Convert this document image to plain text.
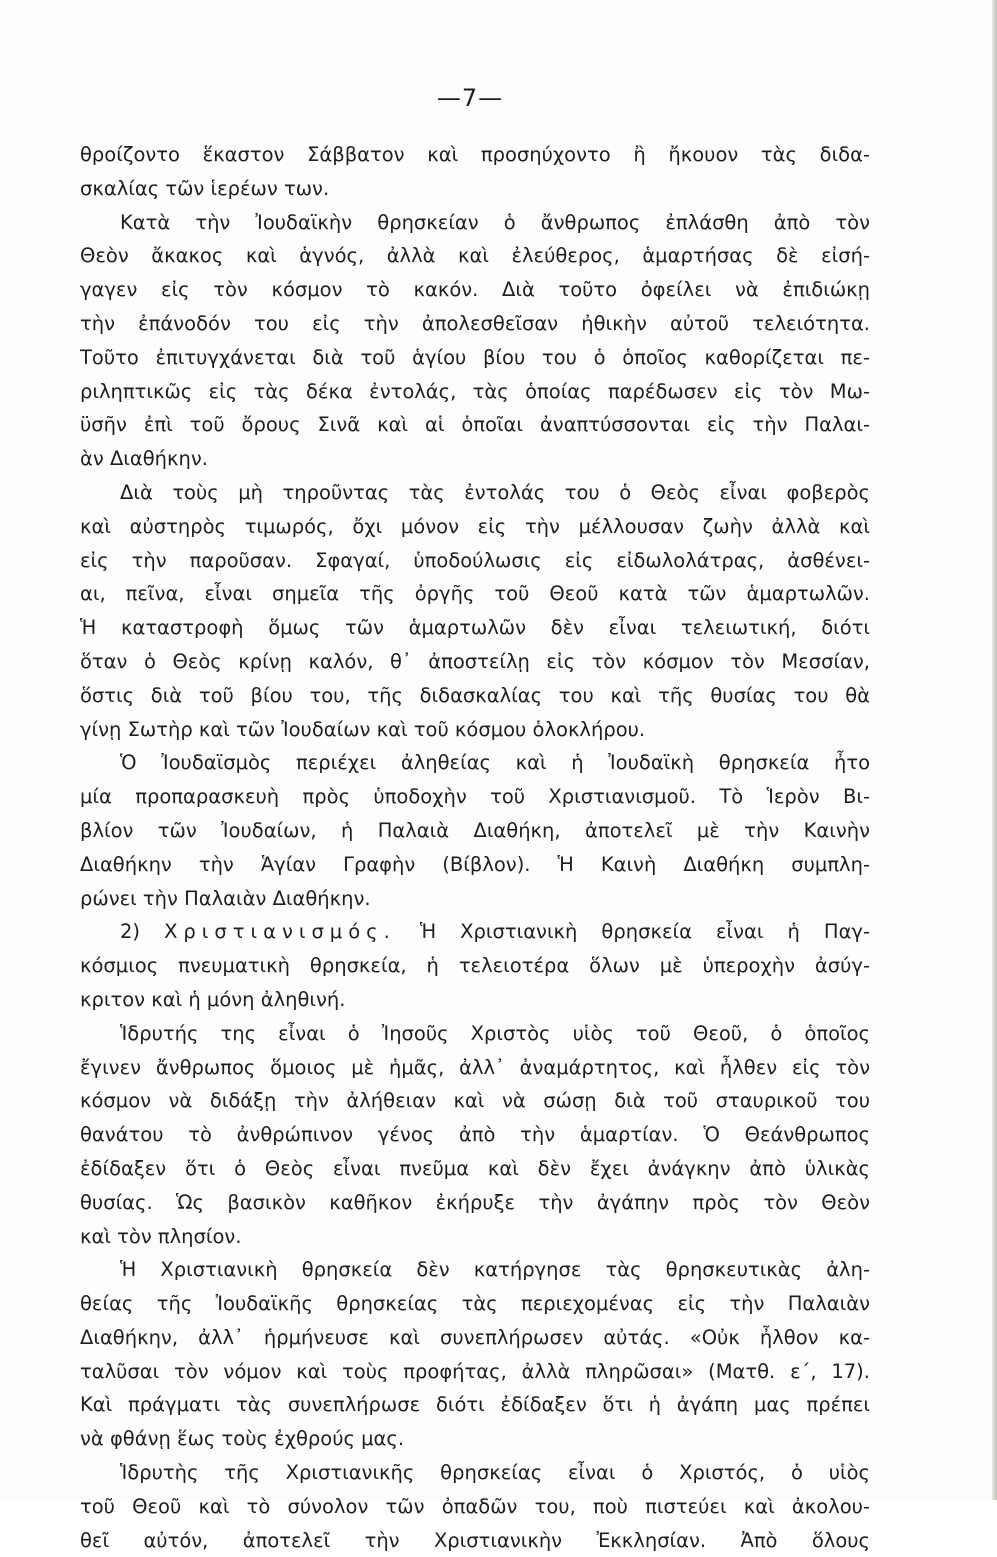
—7—
θροίζοντο ἕκαστον Σάββατον καὶ προσηύχοντο ἢ ἤκουον τὰς διδα-
σκαλίας τῶν ἱερέων των.
Κατὰ τὴν Ἰουδαϊκὴν θρησκείαν ὁ ἄνθρωπος ἐπλάσθη ἀπὸ τὸν
Θεὸν ἄκακος καὶ ἁγνός, ἀλλὰ καὶ ἐλεύθερος, ἁμαρτήσας δὲ εἰσή-
γαγεν εἰς τὸν κόσμον τὸ κακόν. Διὰ τοῦτο ὀφείλει νὰ ἐπιδιώκῃ
τὴν ἐπάνοδόν του εἰς τὴν ἀπολεσθεῖσαν ἠθικὴν αὐτοῦ τελειότητα.
Τοῦτο ἐπιτυγχάνεται διὰ τοῦ ἁγίου βίου του ὁ ὁποῖος καθορίζεται πε-
ριληπτικῶς εἰς τὰς δέκα ἐντολάς, τὰς ὁποίας παρέδωσεν εἰς τὸν Μω-
ϋσῆν ἐπὶ τοῦ ὄρους Σινᾶ καὶ αἱ ὁποῖαι ἀναπτύσσονται εἰς τὴν Παλαι-
ὰν Διαθήκην.
Διὰ τοὺς μὴ τηροῦντας τὰς ἐντολάς του ὁ Θεὸς εἶναι φοβερὸς
καὶ αὐστηρὸς τιμωρός, ὄχι μόνον εἰς τὴν μέλλουσαν ζωὴν ἀλλὰ καὶ
εἰς τὴν παροῦσαν. Σφαγαί, ὑποδούλωσις εἰς εἰδωλολάτρας, ἀσθένει-
αι, πεῖνα, εἶναι σημεῖα τῆς ὀργῆς τοῦ Θεοῦ κατὰ τῶν ἁμαρτωλῶν.
Ἡ καταστροφὴ ὅμως τῶν ἁμαρτωλῶν δὲν εἶναι τελειωτική, διότι
ὅταν ὁ Θεὸς κρίνῃ καλόν, θ᾽ ἀποστείλῃ εἰς τὸν κόσμον τὸν Μεσσίαν,
ὅστις διὰ τοῦ βίου του, τῆς διδασκαλίας του καὶ τῆς θυσίας του θὰ
γίνῃ Σωτὴρ καὶ τῶν Ἰουδαίων καὶ τοῦ κόσμου ὁλοκλήρου.
Ὁ Ἰουδαϊσμὸς περιέχει ἀληθείας καὶ ἡ Ἰουδαϊκὴ θρησκεία ἦτο
μία προπαρασκευὴ πρὸς ὑποδοχὴν τοῦ Χριστιανισμοῦ. Τὸ Ἱερὸν Βι-
βλίον τῶν Ἰουδαίων, ἡ Παλαιὰ Διαθήκη, ἀποτελεῖ μὲ τὴν Καινὴν
Διαθήκην τὴν Ἁγίαν Γραφὴν (Βίβλον). Ἡ Καινὴ Διαθήκη συμπλη-
ρώνει τὴν Παλαιὰν Διαθήκην.
2) Χριστιανισμός. Ἡ Χριστιανικὴ θρησκεία εἶναι ἡ Παγ-
κόσμιος πνευματικὴ θρησκεία, ἡ τελειοτέρα ὅλων μὲ ὑπεροχὴν ἀσύγ-
κριτον καὶ ἡ μόνη ἀληθινή.
Ἱδρυτής της εἶναι ὁ Ἰησοῦς Χριστὸς υἱὸς τοῦ Θεοῦ, ὁ ὁποῖος
ἔγινεν ἄνθρωπος ὅμοιος μὲ ἡμᾶς, ἀλλ᾽ ἀναμάρτητος, καὶ ἦλθεν εἰς τὸν
κόσμον νὰ διδάξῃ τὴν ἀλήθειαν καὶ νὰ σώσῃ διὰ τοῦ σταυρικοῦ του
θανάτου τὸ ἀνθρώπινον γένος ἀπὸ τὴν ἁμαρτίαν. Ὁ Θεάνθρωπος
ἐδίδαξεν ὅτι ὁ Θεὸς εἶναι πνεῦμα καὶ δὲν ἔχει ἀνάγκην ἀπὸ ὑλικὰς
θυσίας. Ὡς βασικὸν καθῆκον ἐκήρυξε τὴν ἀγάπην πρὸς τὸν Θεὸν
καὶ τὸν πλησίον.
Ἡ Χριστιανικὴ θρησκεία δὲν κατήργησε τὰς θρησκευτικὰς ἀλη-
θείας τῆς Ἰουδαϊκῆς θρησκείας τὰς περιεχομένας εἰς τὴν Παλαιὰν
Διαθήκην, ἀλλ᾽ ἡρμήνευσε καὶ συνεπλήρωσεν αὐτάς. «Οὐκ ἦλθον κα-
ταλῦσαι τὸν νόμον καὶ τοὺς προφήτας, ἀλλὰ πληρῶσαι» (Ματθ. ε΄, 17).
Καὶ πράγματι τὰς συνεπλήρωσε διότι ἐδίδαξεν ὅτι ἡ ἀγάπη μας πρέπει
νὰ φθάνῃ ἕως τοὺς ἐχθρούς μας.
Ἱδρυτὴς τῆς Χριστιανικῆς θρησκείας εἶναι ὁ Χριστός, ὁ υἱὸς
τοῦ Θεοῦ καὶ τὸ σύνολον τῶν ὀπαδῶν του, ποὺ πιστεύει καὶ ἀκολου-
θεῖ αὐτόν, ἀποτελεῖ τὴν Χριστιανικὴν Ἐκκλησίαν. Ἀπὸ ὅλους
